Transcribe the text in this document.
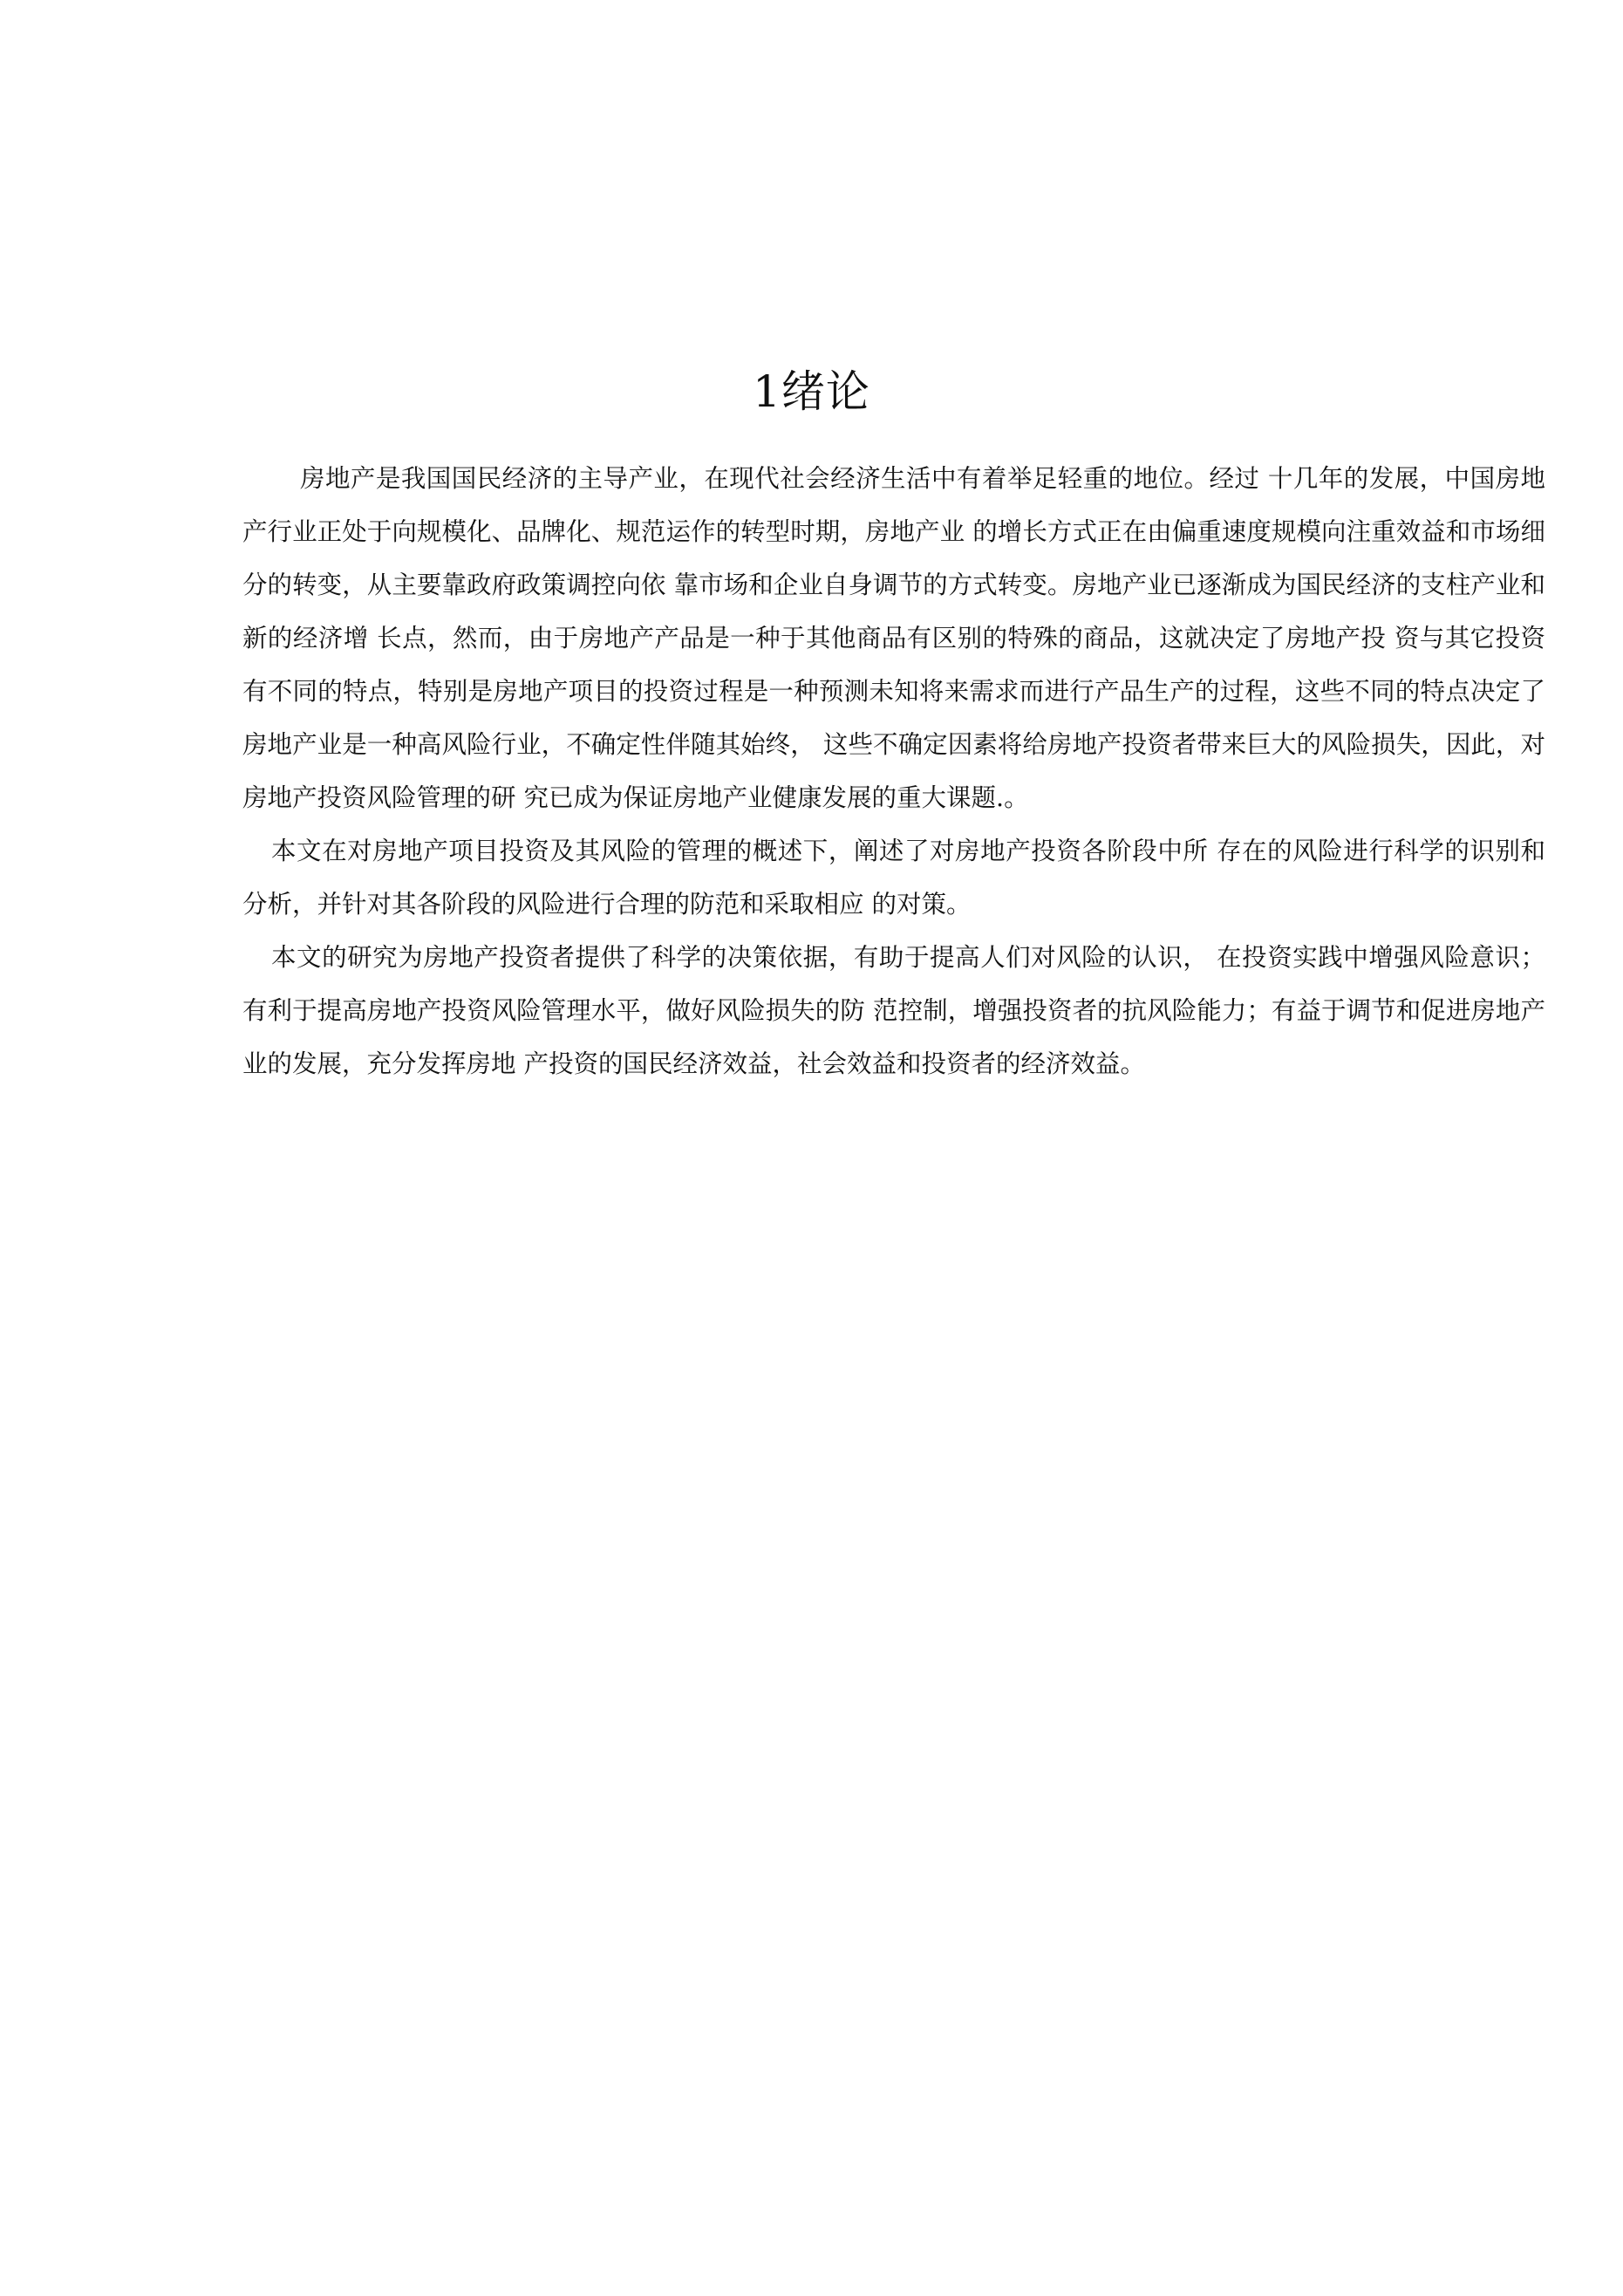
1绪论

房地产是我国国民经济的主导产业，在现代社会经济生活中有着举足轻重的地位。经过 十几年的发展，中国房地产行业正处于向规模化、品牌化、规范运作的转型时期，房地产业 的增长方式正在由偏重速度规模向注重效益和市场细分的转变，从主要靠政府政策调控向依 靠市场和企业自身调节的方式转变。房地产业已逐渐成为国民经济的支柱产业和新的经济增 长点，然而，由于房地产产品是一种于其他商品有区别的特殊的商品，这就决定了房地产投 资与其它投资有不同的特点，特别是房地产项目的投资过程是一种预测未知将来需求而进行产品生产的过程，这些不同的特点决定了房地产业是一种高风险行业，不确定性伴随其始终， 这些不确定因素将给房地产投资者带来巨大的风险损失，因此，对房地产投资风险管理的研 究已成为保证房地产业健康发展的重大课题.。

本文在对房地产项目投资及其风险的管理的概述下，阐述了对房地产投资各阶段中所 存在的风险进行科学的识别和分析，并针对其各阶段的风险进行合理的防范和采取相应 的对策。

本文的研究为房地产投资者提供了科学的决策依据，有助于提高人们对风险的认识， 在投资实践中增强风险意识；有利于提高房地产投资风险管理水平，做好风险损失的防 范控制，增强投资者的抗风险能力；有益于调节和促进房地产业的发展，充分发挥房地 产投资的国民经济效益，社会效益和投资者的经济效益。
